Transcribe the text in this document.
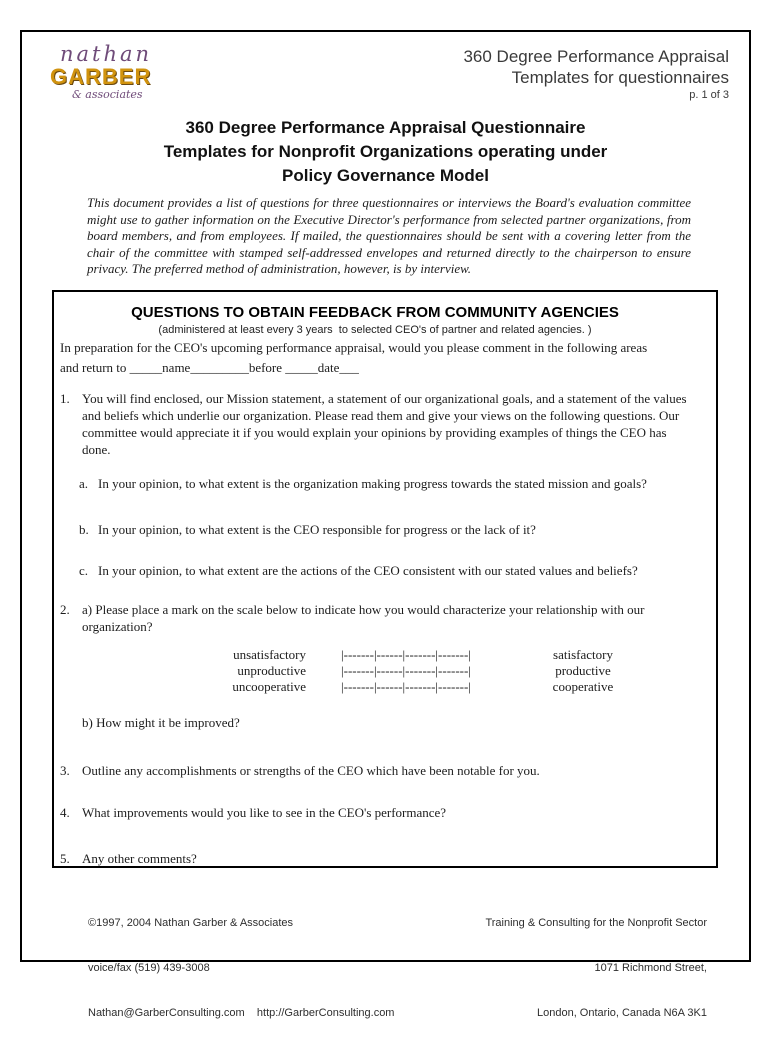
nathan
GARBER
& associates
360 Degree Performance Appraisal
Templates for questionnaires
p. 1 of 3
360 Degree Performance Appraisal Questionnaire
Templates for Nonprofit Organizations operating under
Policy Governance Model

This document provides a list of questions for three questionnaires or interviews the Board's evaluation committee might use to gather information on the Executive Director's performance from selected partner organizations, from board members, and from employees. If mailed, the questionnaires should be sent with a covering letter from the chair of the committee with stamped self-addressed envelopes and returned directly to the chairperson to ensure privacy. The preferred method of administration, however, is by interview.

QUESTIONS TO OBTAIN FEEDBACK FROM COMMUNITY AGENCIES
(administered at least every 3 years  to selected CEO's of partner and related agencies. )
In preparation for the CEO's upcoming performance appraisal, would you please comment in the following areas
and return to _____name_________before _____date___
1. You will find enclosed, our Mission statement, a statement of our organizational goals, and a statement of the values and beliefs which underlie our organization. Please read them and give your views on the following questions. Our committee would appreciate it if you would explain your opinions by providing examples of things the CEO has done.
a. In your opinion, to what extent is the organization making progress towards the stated mission and goals?
b. In your opinion, to what extent is the CEO responsible for progress or the lack of it?
c. In your opinion, to what extent are the actions of the CEO consistent with our stated values and beliefs?
2. a) Please place a mark on the scale below to indicate how you would characterize your relationship with our organization?
unsatisfactory	|-------|------|-------|-------|	satisfactory
unproductive	|-------|------|-------|-------|	productive
uncooperative	|-------|------|-------|-------|	cooperative
b) How might it be improved?
3. Outline any accomplishments or strengths of the CEO which have been notable for you.
4. What improvements would you like to see in the CEO's performance?
5. Any other comments?

©1997, 2004 Nathan Garber & Associates

voice/fax (519) 439-3008

Nathan@GarberConsulting.com    http://GarberConsulting.com

Training & Consulting for the Nonprofit Sector

1071 Richmond Street,

London, Ontario, Canada N6A 3K1
